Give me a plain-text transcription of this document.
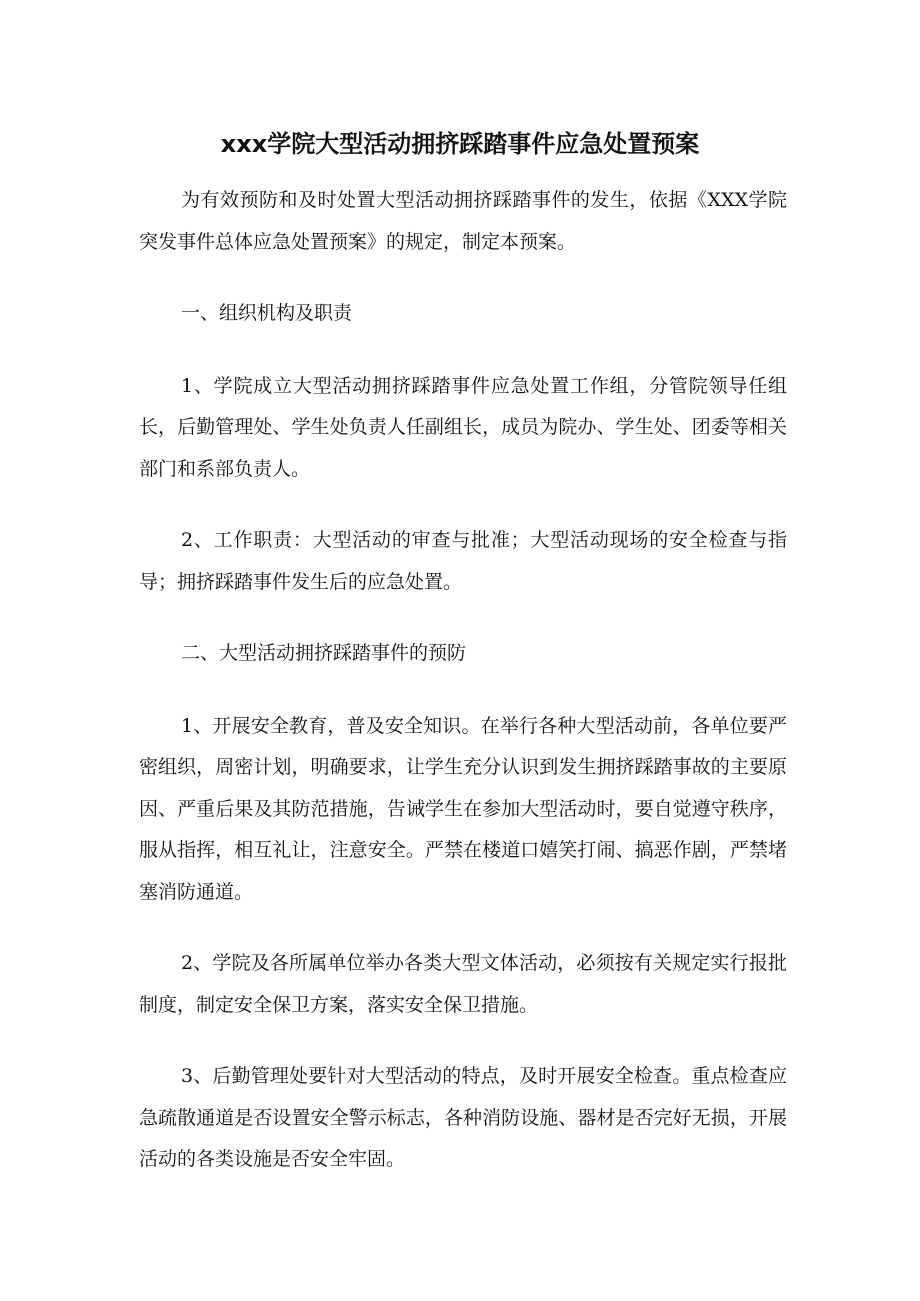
xxx学院大型活动拥挤踩踏事件应急处置预案

为有效预防和及时处置大型活动拥挤踩踏事件的发生，依据《XXX学院突发事件总体应急处置预案》的规定，制定本预案。

一、组织机构及职责

1、学院成立大型活动拥挤踩踏事件应急处置工作组，分管院领导任组长，后勤管理处、学生处负责人任副组长，成员为院办、学生处、团委等相关部门和系部负责人。

2、工作职责：大型活动的审查与批准；大型活动现场的安全检查与指导；拥挤踩踏事件发生后的应急处置。

二、大型活动拥挤踩踏事件的预防

1、开展安全教育，普及安全知识。在举行各种大型活动前，各单位要严密组织，周密计划，明确要求，让学生充分认识到发生拥挤踩踏事故的主要原因、严重后果及其防范措施，告诫学生在参加大型活动时，要自觉遵守秩序，服从指挥，相互礼让，注意安全。严禁在楼道口嬉笑打闹、搞恶作剧，严禁堵塞消防通道。

2、学院及各所属单位举办各类大型文体活动，必须按有关规定实行报批制度，制定安全保卫方案，落实安全保卫措施。

3、后勤管理处要针对大型活动的特点，及时开展安全检查。重点检查应急疏散通道是否设置安全警示标志，各种消防设施、器材是否完好无损，开展活动的各类设施是否安全牢固。
